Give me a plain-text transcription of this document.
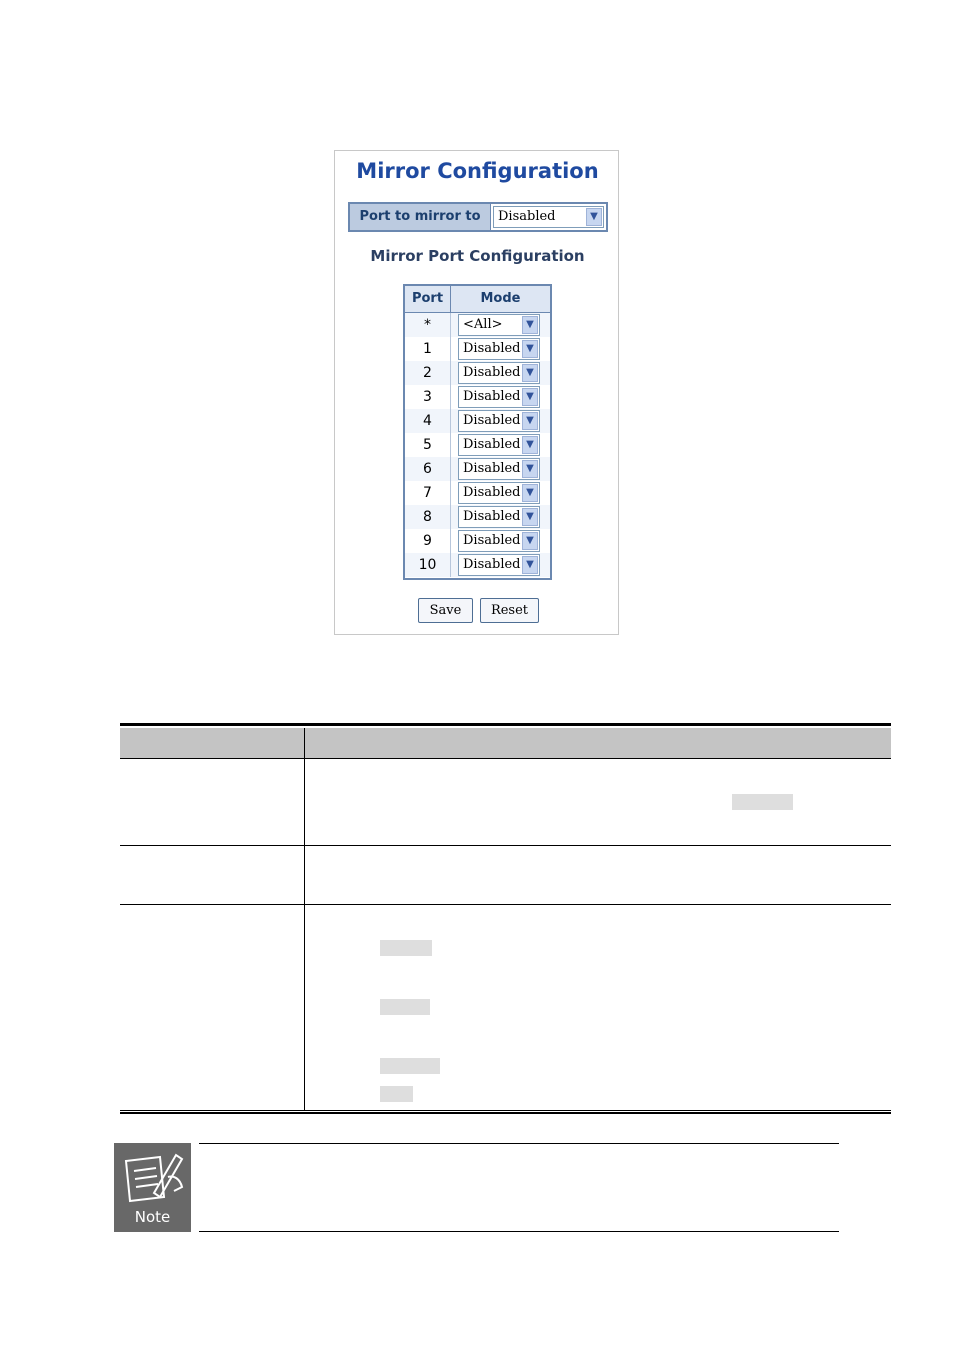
Mirror Configuration
Port to mirror to	Disabled	▼
Mirror Port Configuration
Port	Mode
*	<All>	▼
1	Disabled ▼
2	Disabled ▼
3	Disabled ▼
4	Disabled ▼
5	Disabled ▼
6	Disabled ▼
7	Disabled ▼
8	Disabled ▼
9	Disabled ▼
10	Disabled ▼
Save	Reset
Note
